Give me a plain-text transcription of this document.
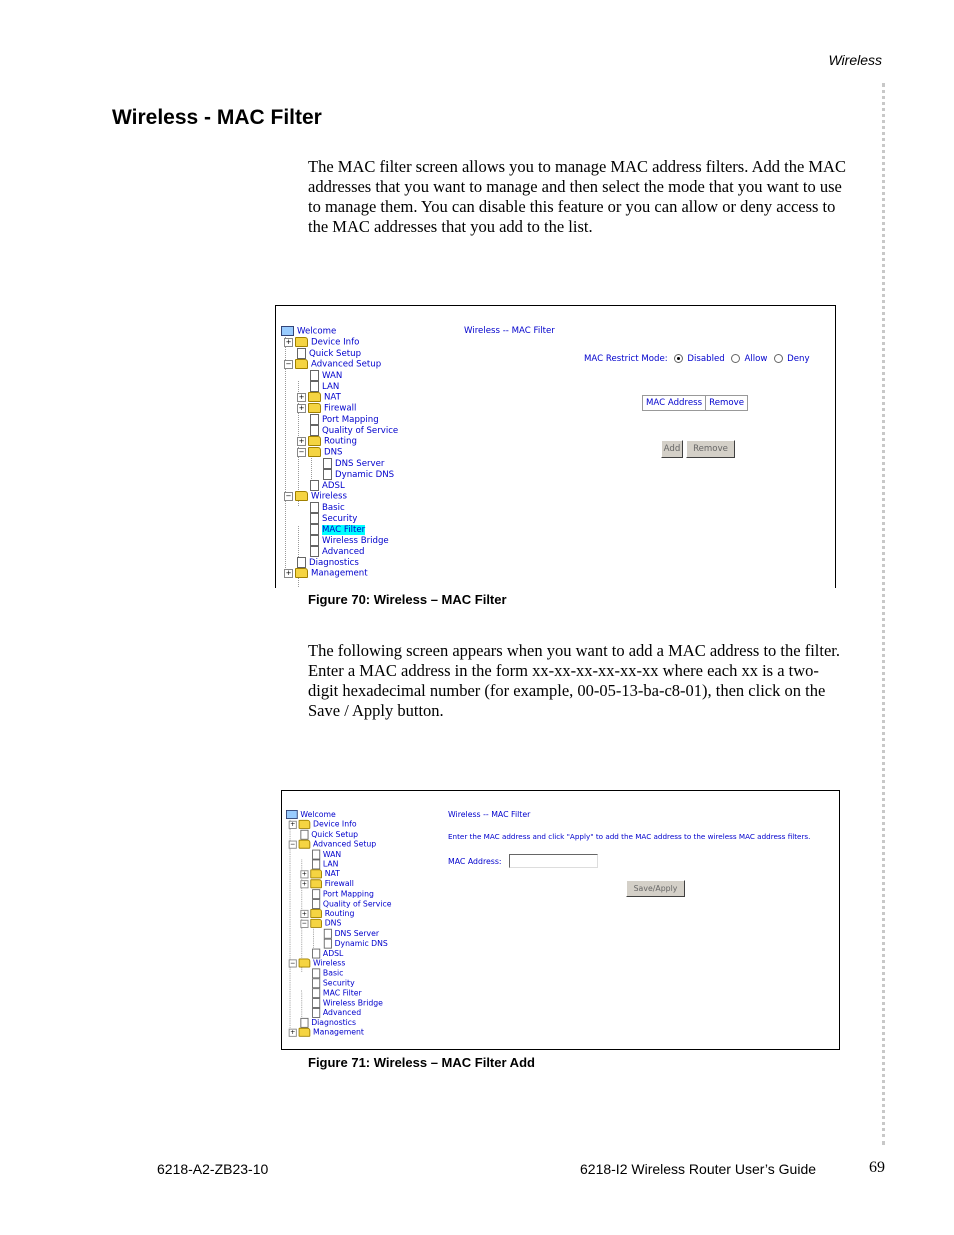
Wireless
Wireless - MAC Filter

The MAC filter screen allows you to manage MAC address filters. Add the MAC addresses that you want to manage and then select the mode that you want to use to manage them. You can disable this feature or you can allow or deny access to the MAC addresses that you add to the list.

Welcome
+ Device Info
Quick Setup
− Advanced Setup
WAN
LAN
+ NAT
+ Firewall
Port Mapping
Quality of Service
+ Routing
− DNS
DNS Server
Dynamic DNS
ADSL
− Wireless
Basic
Security
MAC Filter
Wireless Bridge
Advanced
Diagnostics
+ Management
Wireless -- MAC Filter
MAC Restrict Mode: Disabled Allow Deny
MAC Address	Remove
Add	Remove
Figure 70: Wireless – MAC Filter

The following screen appears when you want to add a MAC address to the filter. Enter a MAC address in the form xx-xx-xx-xx-xx-xx where each xx is a two-digit hexadecimal number (for example, 00-05-13-ba-c8-01), then click on the Save / Apply button.

Welcome
+ Device Info
Quick Setup
− Advanced Setup
WAN
LAN
+ NAT
+ Firewall
Port Mapping
Quality of Service
+ Routing
− DNS
DNS Server
Dynamic DNS
ADSL
− Wireless
Basic
Security
MAC Filter
Wireless Bridge
Advanced
Diagnostics
+ Management
Wireless -- MAC Filter
Enter the MAC address and click "Apply" to add the MAC address to the wireless MAC address filters.
MAC Address:
Save/Apply
Figure 71: Wireless – MAC Filter Add
6218-A2-ZB23-10	6218-I2 Wireless Router User’s Guide	69
